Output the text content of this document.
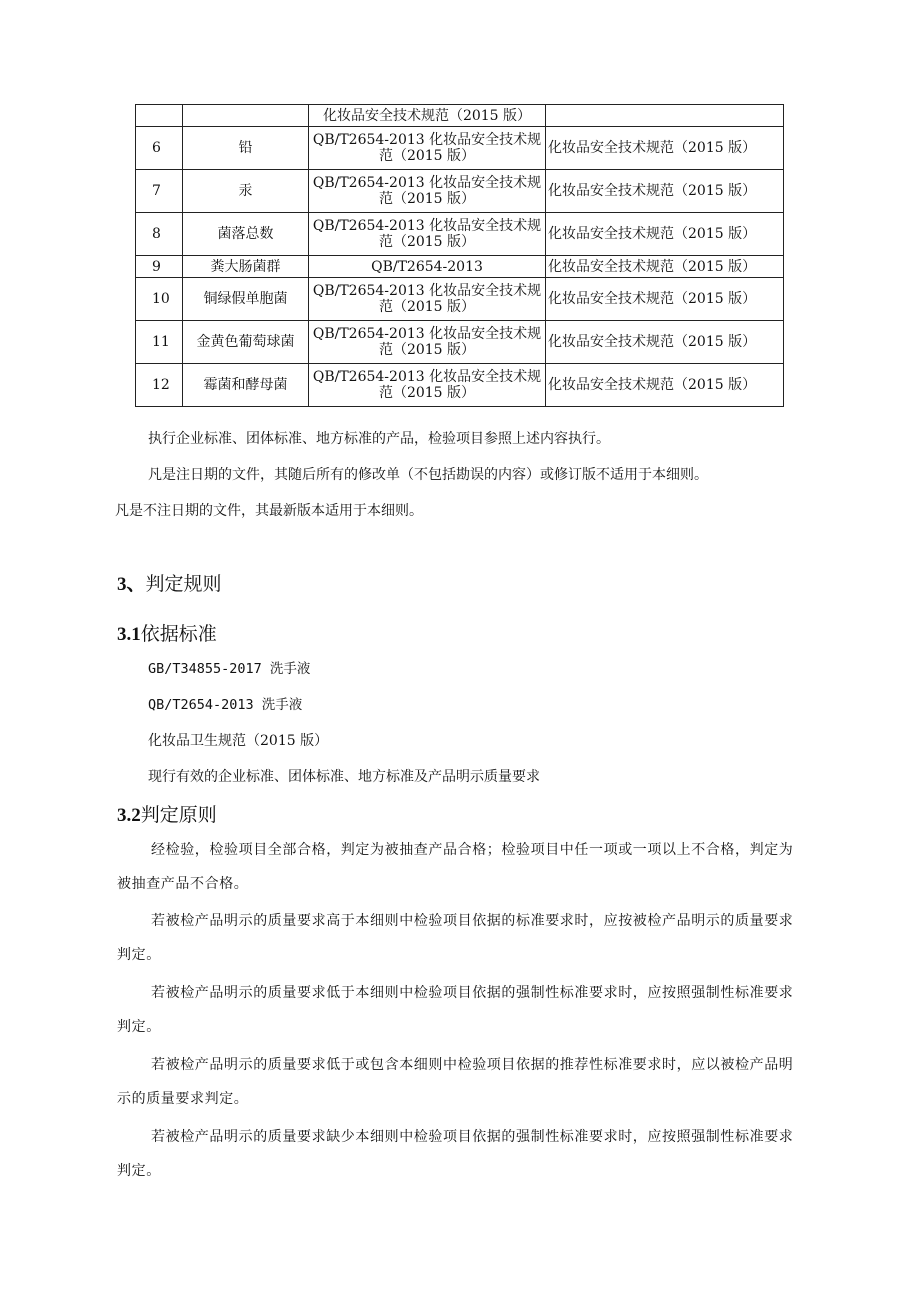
		化妆品安全技术规范（2015 版）	
6	铅	QB/T2654-2013 化妆品安全技术规范（2015 版）	化妆品安全技术规范（2015 版）
7	汞	QB/T2654-2013 化妆品安全技术规范（2015 版）	化妆品安全技术规范（2015 版）
8	菌落总数	QB/T2654-2013 化妆品安全技术规范（2015 版）	化妆品安全技术规范（2015 版）
9	粪大肠菌群	QB/T2654-2013	化妆品安全技术规范（2015 版）
10	铜绿假单胞菌	QB/T2654-2013 化妆品安全技术规范（2015 版）	化妆品安全技术规范（2015 版）
11	金黄色葡萄球菌	QB/T2654-2013 化妆品安全技术规范（2015 版）	化妆品安全技术规范（2015 版）
12	霉菌和酵母菌	QB/T2654-2013 化妆品安全技术规范（2015 版）	化妆品安全技术规范（2015 版）
执行企业标准、团体标准、地方标准的产品，检验项目参照上述内容执行。
凡是注日期的文件，其随后所有的修改单（不包括勘误的内容）或修订版不适用于本细则。
凡是不注日期的文件，其最新版本适用于本细则。
3、判定规则
3.1依据标准
GB/T34855-2017 洗手液
QB/T2654-2013 洗手液
化妆品卫生规范（2015 版）
现行有效的企业标准、团体标准、地方标准及产品明示质量要求
3.2判定原则
经检验，检验项目全部合格，判定为被抽查产品合格；检验项目中任一项或一项以上不合格，判定为被抽查产品不合格。
若被检产品明示的质量要求高于本细则中检验项目依据的标准要求时，应按被检产品明示的质量要求判定。
若被检产品明示的质量要求低于本细则中检验项目依据的强制性标准要求时，应按照强制性标准要求判定。
若被检产品明示的质量要求低于或包含本细则中检验项目依据的推荐性标准要求时，应以被检产品明示的质量要求判定。
若被检产品明示的质量要求缺少本细则中检验项目依据的强制性标准要求时，应按照强制性标准要求判定。
